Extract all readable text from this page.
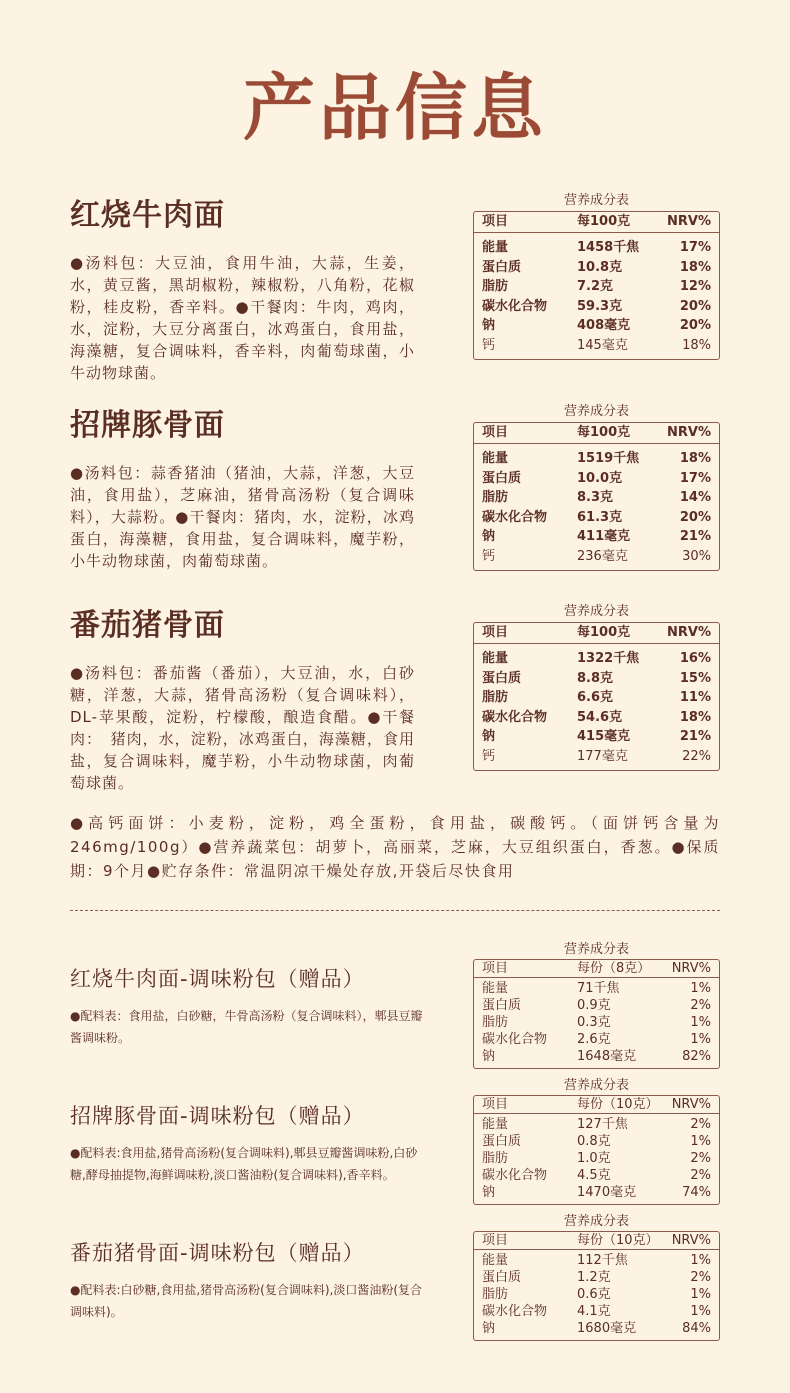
产品信息
红烧牛肉面
●汤料包：大豆油，食用牛油，大蒜，生姜，水，黄豆酱，黑胡椒粉，辣椒粉，八角粉，花椒粉，桂皮粉，香辛料。●干餐肉：牛肉，鸡肉，水，淀粉，大豆分离蛋白，冰鸡蛋白，食用盐，海藻糖，复合调味料，香辛料，肉葡萄球菌，小牛动物球菌。
营养成分表
项目	每100克	NRV%
能量	1458千焦	17%
蛋白质	10.8克	18%
脂肪	7.2克	12%
碳水化合物	59.3克	20%
钠	408毫克	20%
钙	145毫克	18%
招牌豚骨面
●汤料包：蒜香猪油（猪油，大蒜，洋葱，大豆油，食用盐），芝麻油，猪骨高汤粉（复合调味料），大蒜粉。●干餐肉：猪肉，水，淀粉，冰鸡蛋白，海藻糖，食用盐，复合调味料，魔芋粉，小牛动物球菌，肉葡萄球菌。
营养成分表
项目	每100克	NRV%
能量	1519千焦	18%
蛋白质	10.0克	17%
脂肪	8.3克	14%
碳水化合物	61.3克	20%
钠	411毫克	21%
钙	236毫克	30%
番茄猪骨面
●汤料包：番茄酱（番茄），大豆油，水，白砂糖，洋葱，大蒜，猪骨高汤粉（复合调味料），DL-苹果酸，淀粉，柠檬酸，酿造食醋。●干餐肉：　猪肉，水，淀粉，冰鸡蛋白，海藻糖，食用盐，复合调味料，魔芋粉，小牛动物球菌，肉葡萄球菌。
营养成分表
项目	每100克	NRV%
能量	1322千焦	16%
蛋白质	8.8克	15%
脂肪	6.6克	11%
碳水化合物	54.6克	18%
钠	415毫克	21%
钙	177毫克	22%
●高钙面饼：小麦粉，淀粉，鸡全蛋粉，食用盐，碳酸钙。（面饼钙含量为246mg/100g）●营养蔬菜包：胡萝卜，高丽菜，芝麻，大豆组织蛋白，香葱。●保质期：9个月●贮存条件：常温阴凉干燥处存放,开袋后尽快食用
红烧牛肉面-调味粉包（赠品）
●配料表：食用盐，白砂糖，牛骨高汤粉（复合调味料），郫县豆瓣酱调味粉。
营养成分表
项目	每份（8克）	NRV%
能量	71千焦	1%
蛋白质	0.9克	2%
脂肪	0.3克	1%
碳水化合物	2.6克	1%
钠	1648毫克	82%
招牌豚骨面-调味粉包（赠品）
●配料表:食用盐,猪骨高汤粉(复合调味料),郫县豆瓣酱调味粉,白砂糖,酵母抽提物,海鲜调味粉,淡口酱油粉(复合调味料),香辛料。
营养成分表
项目	每份（10克）	NRV%
能量	127千焦	2%
蛋白质	0.8克	1%
脂肪	1.0克	2%
碳水化合物	4.5克	2%
钠	1470毫克	74%
番茄猪骨面-调味粉包（赠品）
●配料表:白砂糖,食用盐,猪骨高汤粉(复合调味料),淡口酱油粉(复合调味料)。
营养成分表
项目	每份（10克）	NRV%
能量	112千焦	1%
蛋白质	1.2克	2%
脂肪	0.6克	1%
碳水化合物	4.1克	1%
钠	1680毫克	84%
